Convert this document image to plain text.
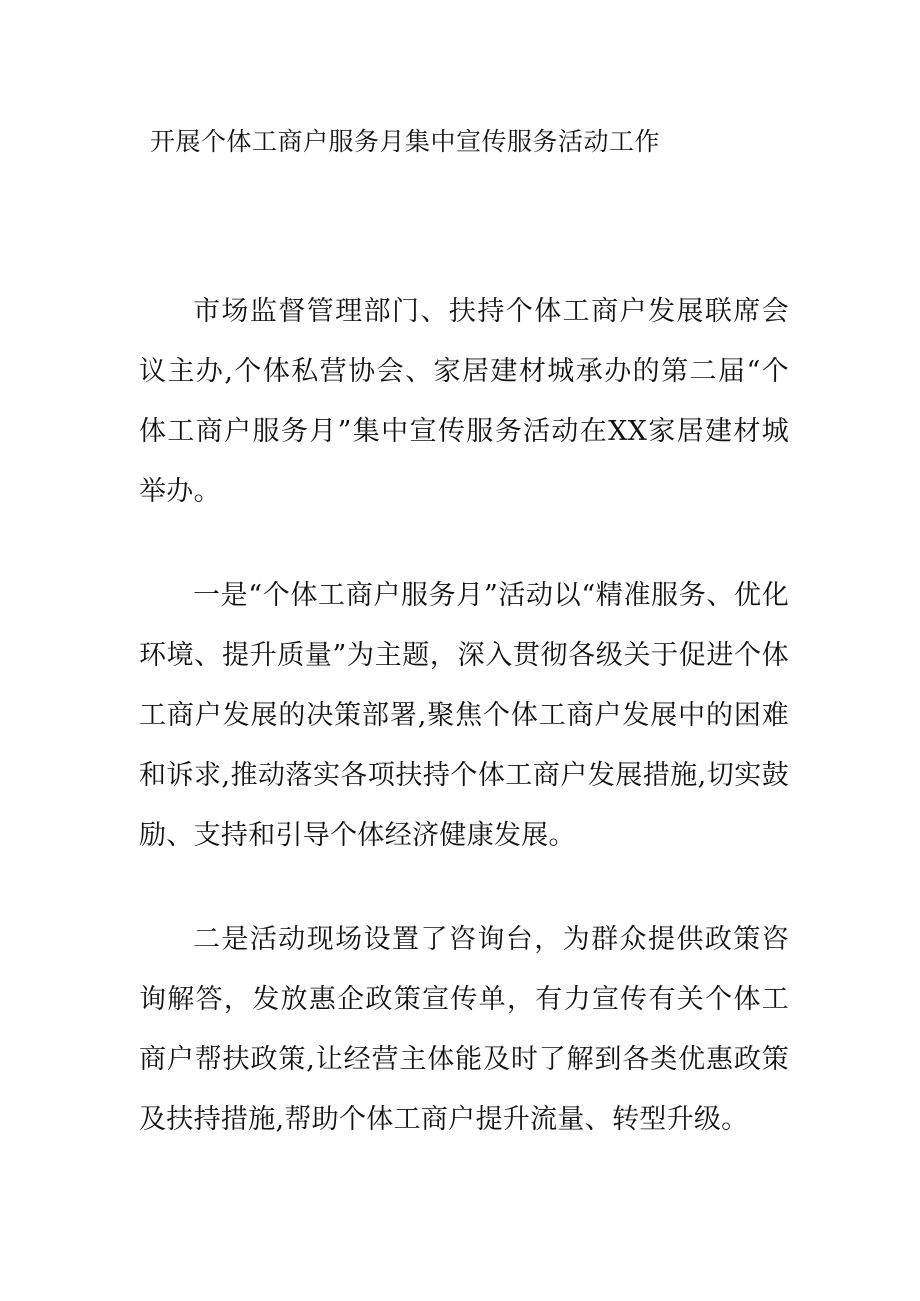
开展个体工商户服务月集中宣传服务活动工作

市场监督管理部门、扶持个体工商户发展联席会议主办,个体私营协会、家居建材城承办的第二届“个体工商户服务月”集中宣传服务活动在XX家居建材城举办。

一是“个体工商户服务月”活动以“精准服务、优化环境、提升质量”为主题，深入贯彻各级关于促进个体工商户发展的决策部署,聚焦个体工商户发展中的困难和诉求,推动落实各项扶持个体工商户发展措施,切实鼓励、支持和引导个体经济健康发展。

二是活动现场设置了咨询台，为群众提供政策咨询解答，发放惠企政策宣传单，有力宣传有关个体工商户帮扶政策,让经营主体能及时了解到各类优惠政策及扶持措施,帮助个体工商户提升流量、转型升级。
